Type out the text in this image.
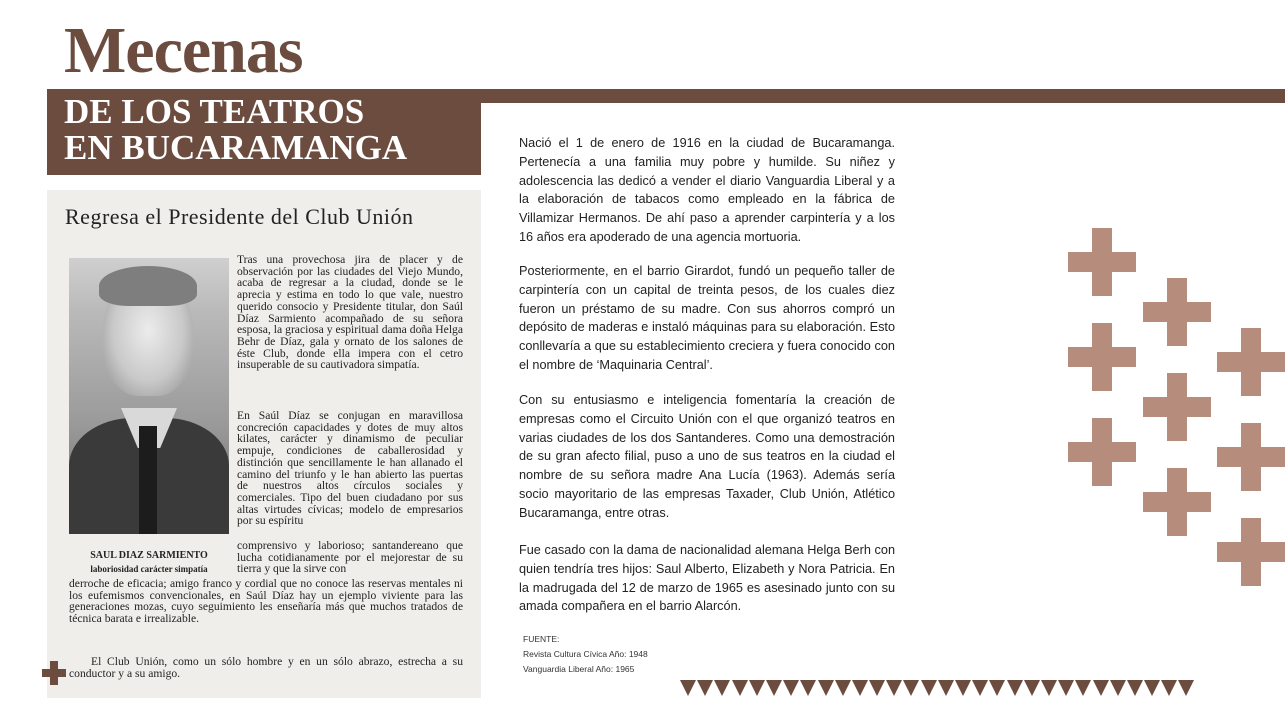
Mecenas
DE LOS TEATROS
EN BUCARAMANGA

Regresa el Presidente del Club Unión

SAUL DIAZ SARMIENTO

laboriosidad carácter simpatía

Tras una provechosa jira de placer y de observación por las ciudades del Viejo Mundo, acaba de regresar a la ciudad, donde se le aprecia y estima en todo lo que vale, nuestro querido consocio y Presidente titular, don Saúl Díaz Sarmiento acompañado de su señora esposa, la graciosa y espiritual dama doña Helga Behr de Díaz, gala y ornato de los salones de éste Club, donde ella impera con el cetro insuperable de su cautivadora simpatía.

En Saúl Díaz se conjugan en maravillosa concreción capacidades y dotes de muy altos kilates, carácter y dinamismo de peculiar empuje, condiciones de caballerosidad y distinción que sencillamente le han allanado el camino del triunfo y le han abierto las puertas de nuestros altos círculos sociales y comerciales. Tipo del buen ciudadano por sus altas virtudes cívicas; modelo de empresarios por su espíritu

comprensivo y laborioso; santandereano que lucha cotidianamente por el mejorestar de su tierra y que la sirve con

derroche de eficacia; amigo franco y cordial que no conoce las reservas mentales ni los eufemismos convencionales, en Saúl Díaz hay un ejemplo viviente para las generaciones mozas, cuyo seguimiento les enseñaría más que muchos tratados de técnica barata e irrealizable.

El Club Unión, como un sólo hombre y en un sólo abrazo, estrecha a su conductor y a su amigo.

Nació el 1 de enero de 1916 en la ciudad de Bucaramanga. Pertenecía a una familia muy pobre y humilde. Su niñez y adolescencia las dedicó a vender el diario Vanguardia Liberal y a la elaboración de tabacos como empleado en la fábrica de Villamizar Hermanos. De ahí paso a aprender carpintería y a los 16 años era apoderado de una agencia mortuoria.

Posteriormente, en el barrio Girardot, fundó un pequeño taller de carpintería con un capital de treinta pesos, de los cuales diez fueron un préstamo de su madre. Con sus ahorros compró un depósito de maderas e instaló máquinas para su elaboración. Esto conllevaría a que su establecimiento creciera y fuera conocido con el nombre de ‘Maquinaria Central’.

Con su entusiasmo e inteligencia fomentaría la creación de empresas como el Circuito Unión con el que organizó teatros en varias ciudades de los dos Santanderes. Como una demostración de su gran afecto filial, puso a uno de sus teatros en la ciudad el nombre de su señora madre Ana Lucía (1963). Además sería socio mayoritario de las empresas Taxader, Club Unión, Atlético Bucaramanga, entre otras.

Fue casado con la dama de nacionalidad alemana Helga Berh con quien tendría tres hijos: Saul Alberto, Elizabeth y Nora Patricia. En la madrugada del 12 de marzo de 1965 es asesinado junto con su amada compañera en el barrio Alarcón.

FUENTE:

Revista Cultura Cívica Año: 1948

Vanguardia Liberal Año: 1965
